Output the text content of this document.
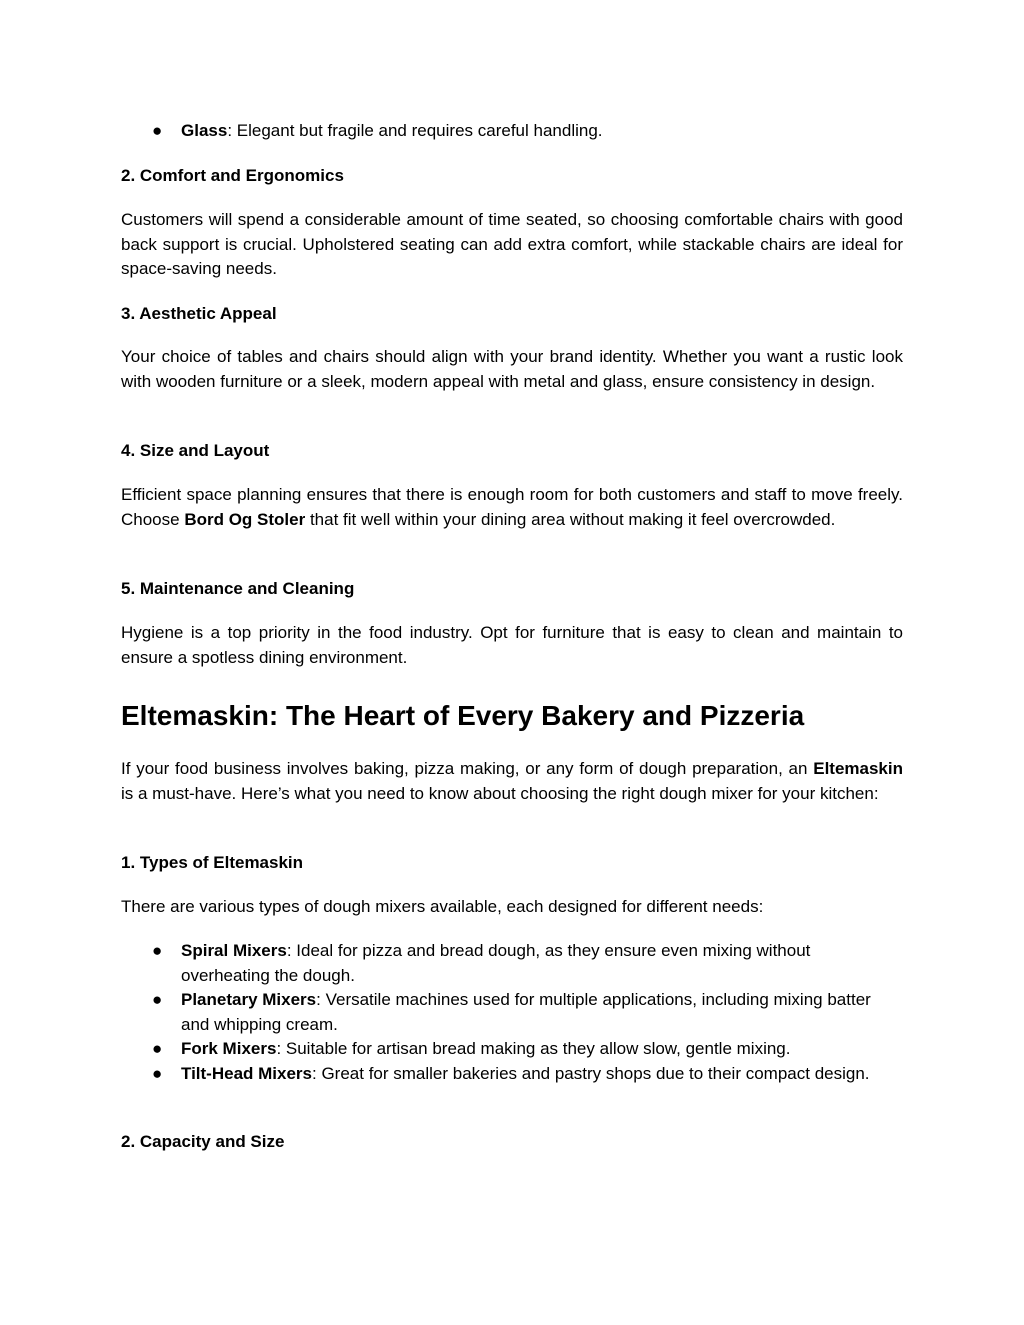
● Glass: Elegant but fragile and requires careful handling.
2. Comfort and Ergonomics

Customers will spend a considerable amount of time seated, so choosing comfortable chairs with good back support is crucial. Upholstered seating can add extra comfort, while stackable chairs are ideal for space-saving needs.

3. Aesthetic Appeal

Your choice of tables and chairs should align with your brand identity. Whether you want a rustic look with wooden furniture or a sleek, modern appeal with metal and glass, ensure consistency in design.

4. Size and Layout

Efficient space planning ensures that there is enough room for both customers and staff to move freely. Choose Bord Og Stoler that fit well within your dining area without making it feel overcrowded.

5. Maintenance and Cleaning

Hygiene is a top priority in the food industry. Opt for furniture that is easy to clean and maintain to ensure a spotless dining environment.

Eltemaskin: The Heart of Every Bakery and Pizzeria

If your food business involves baking, pizza making, or any form of dough preparation, an Eltemaskin is a must-have. Here’s what you need to know about choosing the right dough mixer for your kitchen:

1. Types of Eltemaskin

There are various types of dough mixers available, each designed for different needs:

● Spiral Mixers: Ideal for pizza and bread dough, as they ensure even mixing without overheating the dough.
● Planetary Mixers: Versatile machines used for multiple applications, including mixing batter and whipping cream.
● Fork Mixers: Suitable for artisan bread making as they allow slow, gentle mixing.
● Tilt-Head Mixers: Great for smaller bakeries and pastry shops due to their compact design.
2. Capacity and Size
